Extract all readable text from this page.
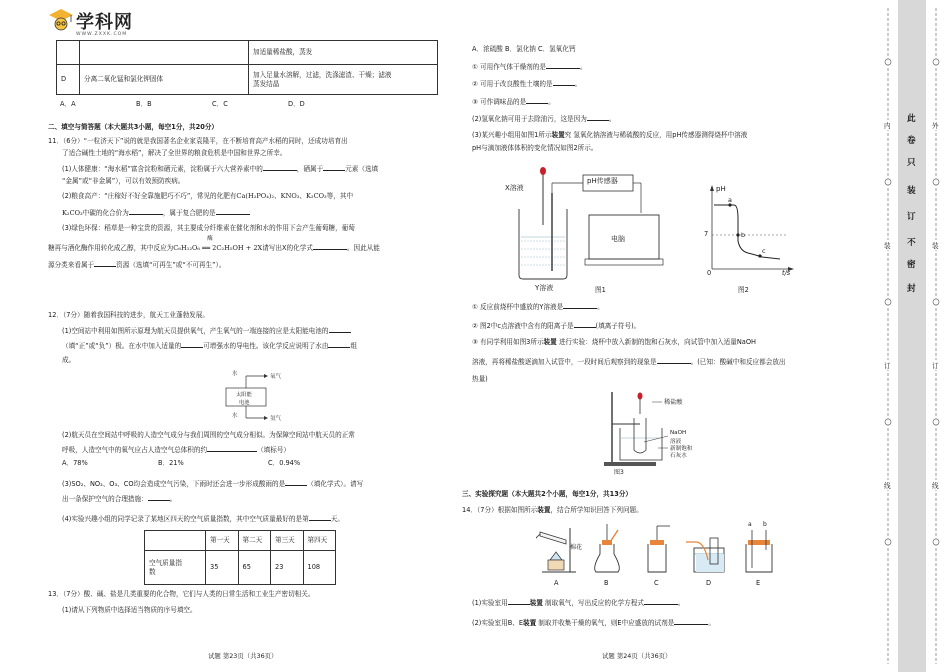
学科网
WWW.ZXXK.COM
		加适量稀盐酸，蒸发
D	分离二氧化锰和氯化钾固体	加入足量水溶解，过滤，洗涤滤渣、干燥；滤液
蒸发结晶
A．A	B．B	C．C	D．D

二、填空与简答题（本大题共3小题，每空1分，共20分）

11．（6分）“一粒济天下”说的就是我国著名企业家袁隆平，在不断培育高产水稻的同时，还成功培育出
了适合碱性土地的“海水稻”，解决了全世界的粮食危机是中国和世界之所幸。
(1)人体健康：“海水稻”富含淀粉和硒元素，淀粉属于六大营养素中的	，硒属于	元素（选填
“金属”或“非金属”），可以有效预防疾病。
(2)粮食高产：“庄稼好不好全靠施肥巧不巧”，常见的化肥有Ca(H₂PO₄)₂、KNO₃、K₂CO₃等，其中
K₂CO₃中碳的化合价为	，属于复合肥的是
(3)绿色环保：稻草是一种宝贵的资源，其主要成分纤维素在催化剂和水的作用下会产生葡萄糖，葡萄
糖再与酒化酶作用转化成乙醇，其中反应为
酶
C₆H₁₂O₆ ══ 2C₂H₅OH + 2X请写出X的化学式	。因此从能
源分类来看属于	资源（选填“可再生”或“不可再生”）。
12．（7分）随着我国科技的进步，航天工业蓬勃发展。
(1)空间站中利用如图所示原理为航天员提供氧气，产生氧气的一端连接的应是太阳能电池的
（填“正”或“负”）极。在水中加入适量的	可增强水的导电性。该化学反应说明了水由	组
成。
水	氧气
太阳能
电池
水	氢气
(2)航天员在空间站中呼吸的人造空气成分与我们周围的空气成分相似。为保障空间站中航天员的正常
呼吸，人造空气中的氧气应占人造空气总体积的约	（填标号）
A．78%	B．21%	C．0.94%
(3)SO₂、NO₂、O₃、CO均会造成空气污染，下雨时还会进一步形成酸雨的是	（填化学式）。请写
出一条保护空气的合理措施：	。
(4)实验兴趣小组的同学记录了某地区四天的空气质量指数，其中空气质量最好的是第	天。
	第一天	第二天	第三天	第四天
空气质量指
数	35	65	23	108
13．（7分）酸、碱、盐是几类重要的化合物，它们与人类的日常生活和工业生产密切相关。
(1)请从下列物质中选择适当物质的序号填空。
试题 第23页（共36页）
A．浓硫酸 B．氯化钠 C．氢氧化钙
① 可用作气体干燥剂的是	。
② 可用于改良酸性土壤的是	。
③ 可作调味品的是	。
(2)氢氧化钠可用于去除油污，这是因为	。
(3)某兴趣小组用如图1所示装置究 氢氧化钠溶液与稀硫酸的反应，用pH传感器测得烧杯中溶液
pH与滴加液体体积的变化情况如图2所示。
X溶液
pH传感器
电脑
Y溶液	图1
pH
7
0	t/s
a
b
c
图2
① 反应前烧杯中盛放的Y溶液是	。
② 图2中c点溶液中含有的阳离子是	(填离子符号)。
③ 有同学利用如图3所示装置 进行实验：烧杯中放入新制的饱和石灰水，向试管中加入适量NaOH
溶液，再将稀盐酸逐滴加入试管中，一段时间后观察到的现象是	。(已知：酸碱中和反应都会放出
热量)
稀盐酸
NaOH
溶液
新制饱和
石灰水
图3

三、实验探究题（本大题共2个小题，每空1分，共13分）

14．（7分）根据如图所示装置，结合所学知识回答下列问题。
棉花
a b
A	B	C	D	E
(1)实验室用	装置 制取氧气，写出反应的化学方程式	。
(2)实验室用B、E装置 制取并收集干燥的氧气，则E中应盛放的试剂是	。
试题 第24页（共36页）
内
装
订
线
外
装
订
线
此
卷
只
装
订
不
密
封
